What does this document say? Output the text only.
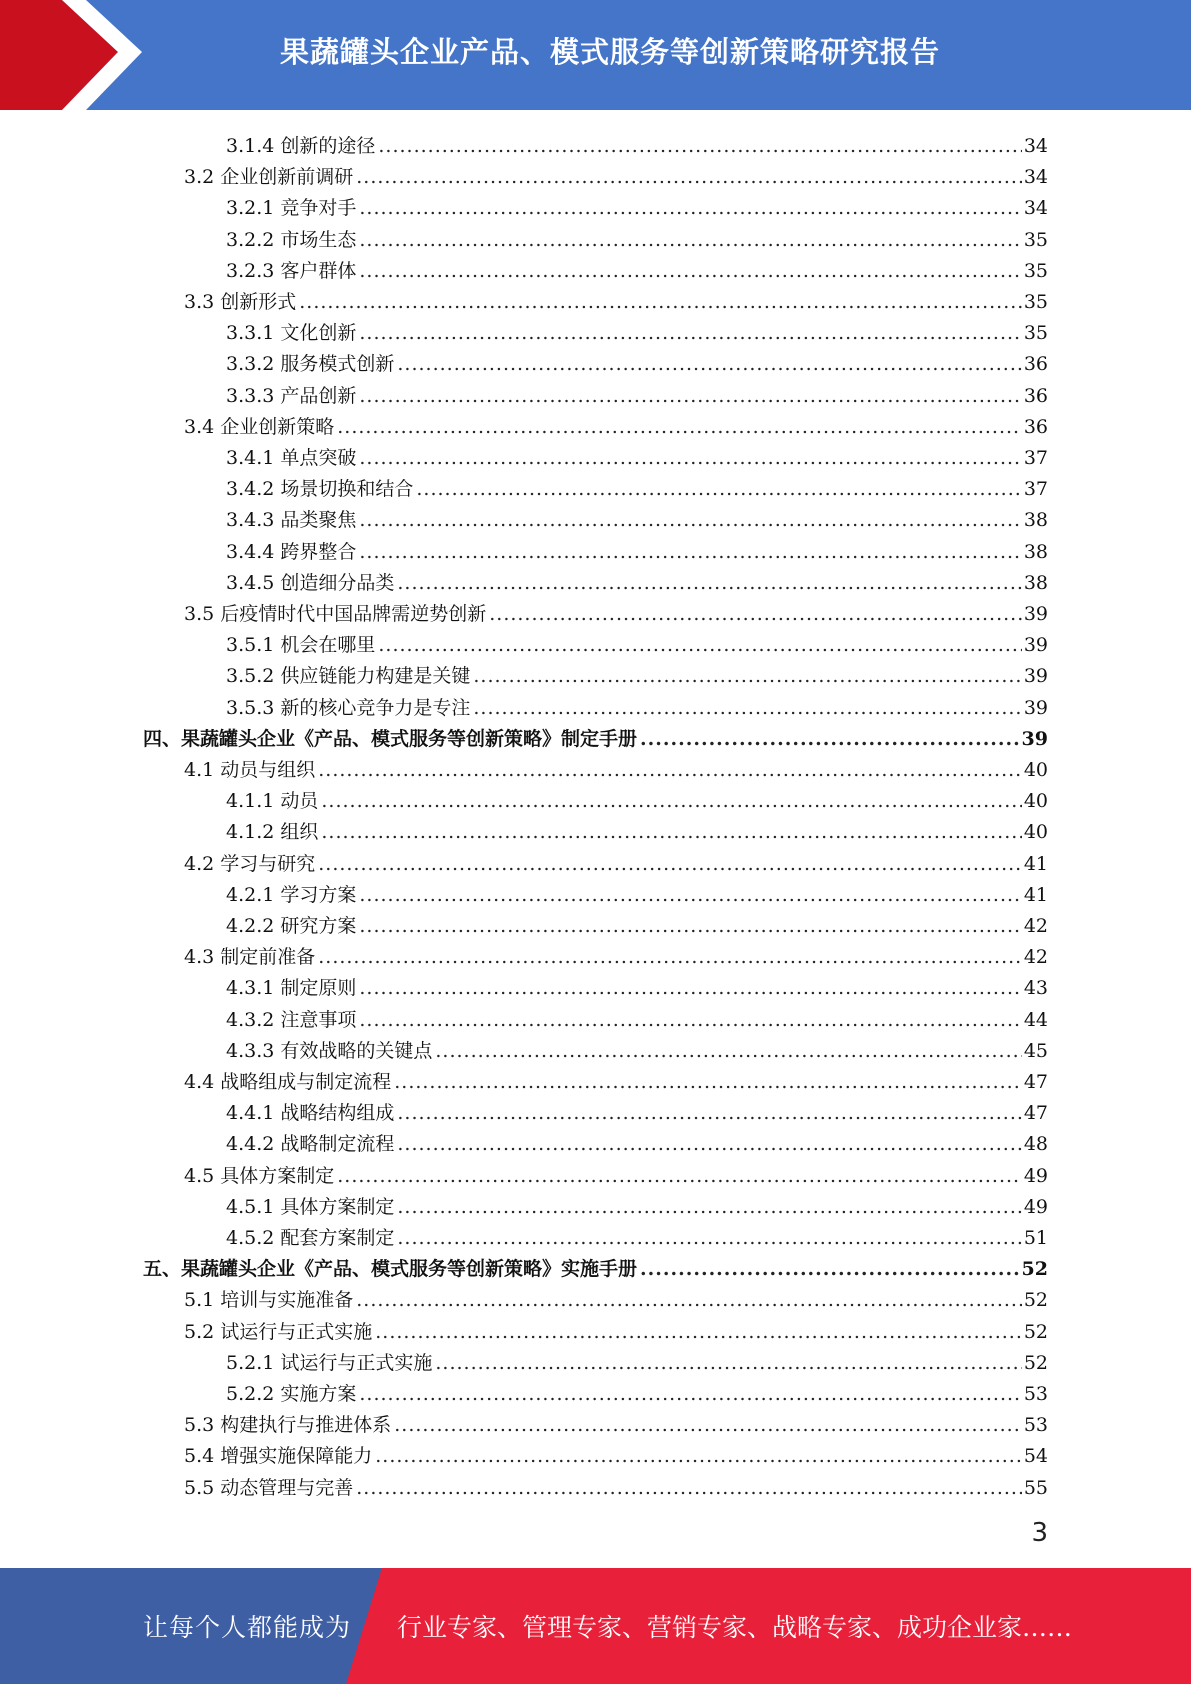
果蔬罐头企业产品、模式服务等创新策略研究报告
3.1.4 创新的途径 .....	34
3.2 企业创新前调研 .....	34
3.2.1 竞争对手 .....	34
3.2.2 市场生态 .....	35
3.2.3 客户群体 .....	35
3.3 创新形式 .....	35
3.3.1 文化创新 .....	35
3.3.2 服务模式创新 .....	36
3.3.3 产品创新 .....	36
3.4 企业创新策略 .....	36
3.4.1 单点突破 .....	37
3.4.2 场景切换和结合 .....	37
3.4.3 品类聚焦 .....	38
3.4.4 跨界整合 .....	38
3.4.5 创造细分品类 .....	38
3.5 后疫情时代中国品牌需逆势创新 .....	39
3.5.1 机会在哪里 .....	39
3.5.2 供应链能力构建是关键 .....	39
3.5.3 新的核心竞争力是专注 .....	39
四、 果蔬罐头企业《产品、模式服务等创新策略》制定手册 .....	39
4.1 动员与组织 .....	40
4.1.1 动员 .....	40
4.1.2 组织 .....	40
4.2 学习与研究 .....	41
4.2.1 学习方案 .....	41
4.2.2 研究方案 .....	42
4.3 制定前准备 .....	42
4.3.1 制定原则 .....	43
4.3.2 注意事项 .....	44
4.3.3 有效战略的关键点 .....	45
4.4 战略组成与制定流程 .....	47
4.4.1 战略结构组成 .....	47
4.4.2 战略制定流程 .....	48
4.5 具体方案制定 .....	49
4.5.1 具体方案制定 .....	49
4.5.2 配套方案制定 .....	51
五、 果蔬罐头企业《产品、模式服务等创新策略》实施手册 .....	52
5.1 培训与实施准备 .....	52
5.2 试运行与正式实施 .....	52
5.2.1 试运行与正式实施 .....	52
5.2.2 实施方案 .....	53
5.3 构建执行与推进体系 .....	53
5.4 增强实施保障能力 .....	54
5.5 动态管理与完善 .....	55
3
让每个人都能成为 行业专家、管理专家、营销专家、战略专家、成功企业家……
